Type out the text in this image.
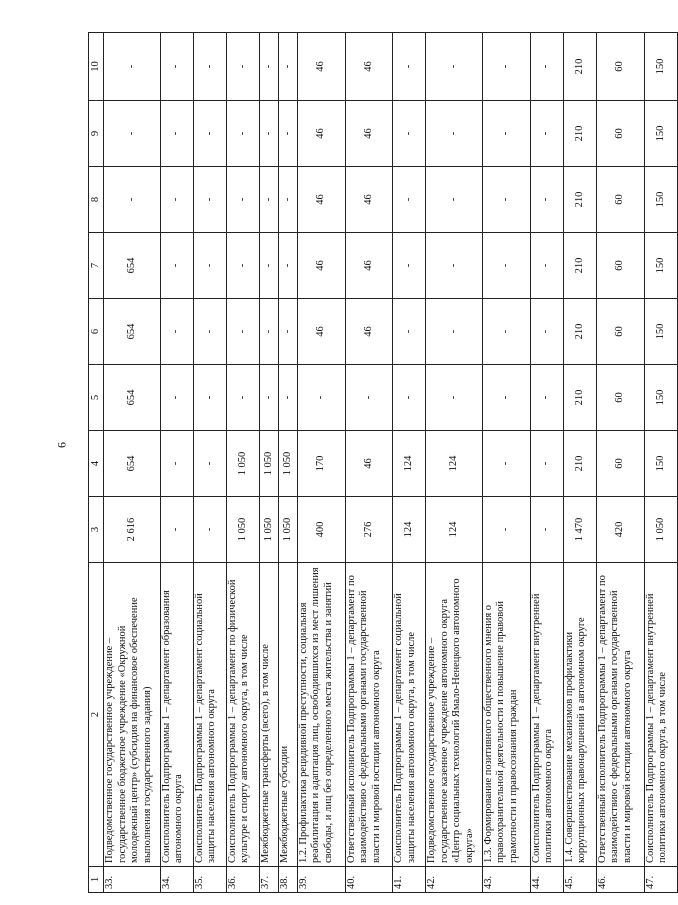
6
1	2	3	4	5	6	7	8	9	10
33.	Подведомственное государственное учреждение – государственное бюджетное учреждение «Окружной молодежный центр» (субсидия на финансовое обеспечение выполнения государственного задания)	2 616	654	654	654	654	-	-	-
34.	Соисполнитель Подпрограммы 1 – департамент образования автономного округа	-	-	-	-	-	-	-	-
35.	Соисполнитель Подпрограммы 1 – департамент социальной защиты населения автономного округа	-	-	-	-	-	-	-	-
36.	Соисполнитель Подпрограммы 1 – департамент по физической культуре и спорту автономного округа, в том числе	1 050	1 050	-	-	-	-	-	-
37.	Межбюджетные трансферты (всего), в том числе	1 050	1 050	-	-	-	-	-	-
38.	Межбюджетные субсидии	1 050	1 050	-	-	-	-	-	-
39.	1.2. Профилактика рецидивной преступности, социальная реабилитация и адаптация лиц, освободившихся из мест лишения свободы, и лиц без определенного места жительства и занятий	400	170	-	46	46	46	46	46
40.	Ответственный исполнитель Подпрограммы 1 – департамент по взаимодействию с федеральными органами государственной власти и мировой юстиции автономного округа	276	46	-	46	46	46	46	46
41.	Соисполнитель Подпрограммы 1 – департамент социальной защиты населения автономного округа, в том числе	124	124	-	-	-	-	-	-
42.	Подведомственное государственное учреждение – государственное казенное учреждение автономного округа «Центр социальных технологий Ямало-Ненецкого автономного округа»	124	124	-	-	-	-	-	-
43.	1.3. Формирование позитивного общественного мнения о правоохранительной деятельности и повышение правовой грамотности и правосознания граждан	-	-	-	-	-	-	-	-
44.	Соисполнитель Подпрограммы 1 – департамент внутренней политики автономного округа	-	-	-	-	-	-	-	-
45.	1.4. Совершенствование механизмов профилактики коррупционных правонарушений в автономном округе	1 470	210	210	210	210	210	210	210
46.	Ответственный исполнитель Подпрограммы 1 – департамент по взаимодействию с федеральными органами государственной власти и мировой юстиции автономного округа	420	60	60	60	60	60	60	60
47.	Соисполнитель Подпрограммы 1 – департамент внутренней политики автономного округа, в том числе	1 050	150	150	150	150	150	150	150
